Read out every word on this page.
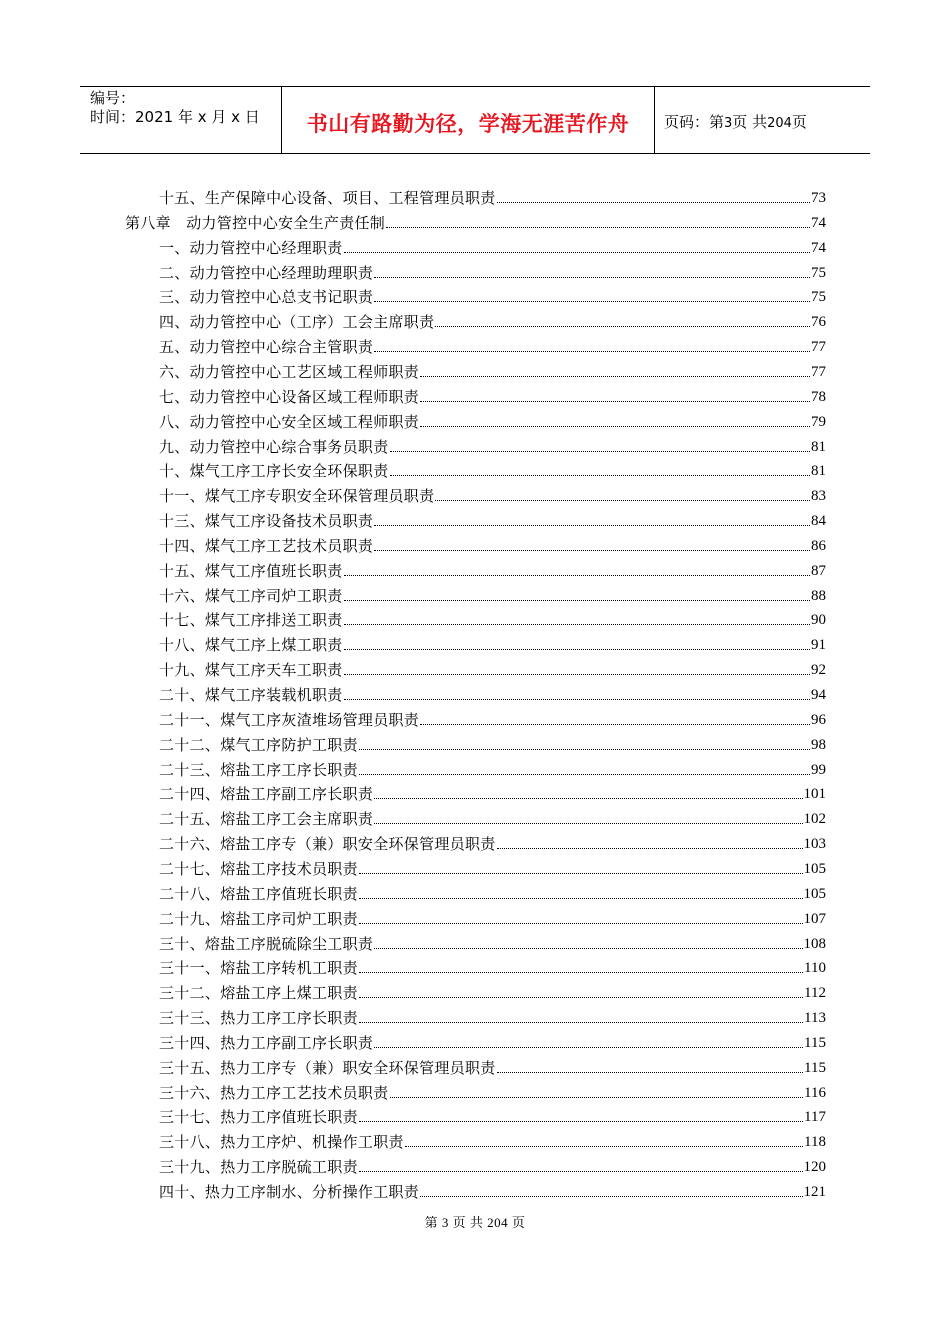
编号：
时间：2021 年 x 月 x 日	书山有路勤为径，学海无涯苦作舟	页码：第3页 共204页
十五、生产保障中心设备、项目、工程管理员职责	73
第八章　动力管控中心安全生产责任制	74
一、动力管控中心经理职责	74
二、动力管控中心经理助理职责	75
三、动力管控中心总支书记职责	75
四、动力管控中心（工序）工会主席职责	76
五、动力管控中心综合主管职责	77
六、动力管控中心工艺区域工程师职责	77
七、动力管控中心设备区域工程师职责	78
八、动力管控中心安全区域工程师职责	79
九、动力管控中心综合事务员职责	81
十、煤气工序工序长安全环保职责	81
十一、煤气工序专职安全环保管理员职责	83
十三、煤气工序设备技术员职责	84
十四、煤气工序工艺技术员职责	86
十五、煤气工序值班长职责	87
十六、煤气工序司炉工职责	88
十七、煤气工序排送工职责	90
十八、煤气工序上煤工职责	91
十九、煤气工序天车工职责	92
二十、煤气工序装载机职责	94
二十一、煤气工序灰渣堆场管理员职责	96
二十二、煤气工序防护工职责	98
二十三、熔盐工序工序长职责	99
二十四、熔盐工序副工序长职责	101
二十五、熔盐工序工会主席职责	102
二十六、熔盐工序专（兼）职安全环保管理员职责	103
二十七、熔盐工序技术员职责	105
二十八、熔盐工序值班长职责	105
二十九、熔盐工序司炉工职责	107
三十、熔盐工序脱硫除尘工职责	108
三十一、熔盐工序转机工职责	110
三十二、熔盐工序上煤工职责	112
三十三、热力工序工序长职责	113
三十四、热力工序副工序长职责	115
三十五、热力工序专（兼）职安全环保管理员职责	115
三十六、热力工序工艺技术员职责	116
三十七、热力工序值班长职责	117
三十八、热力工序炉、机操作工职责	118
三十九、热力工序脱硫工职责	120
四十、热力工序制水、分析操作工职责	121
第 3 页 共 204 页
